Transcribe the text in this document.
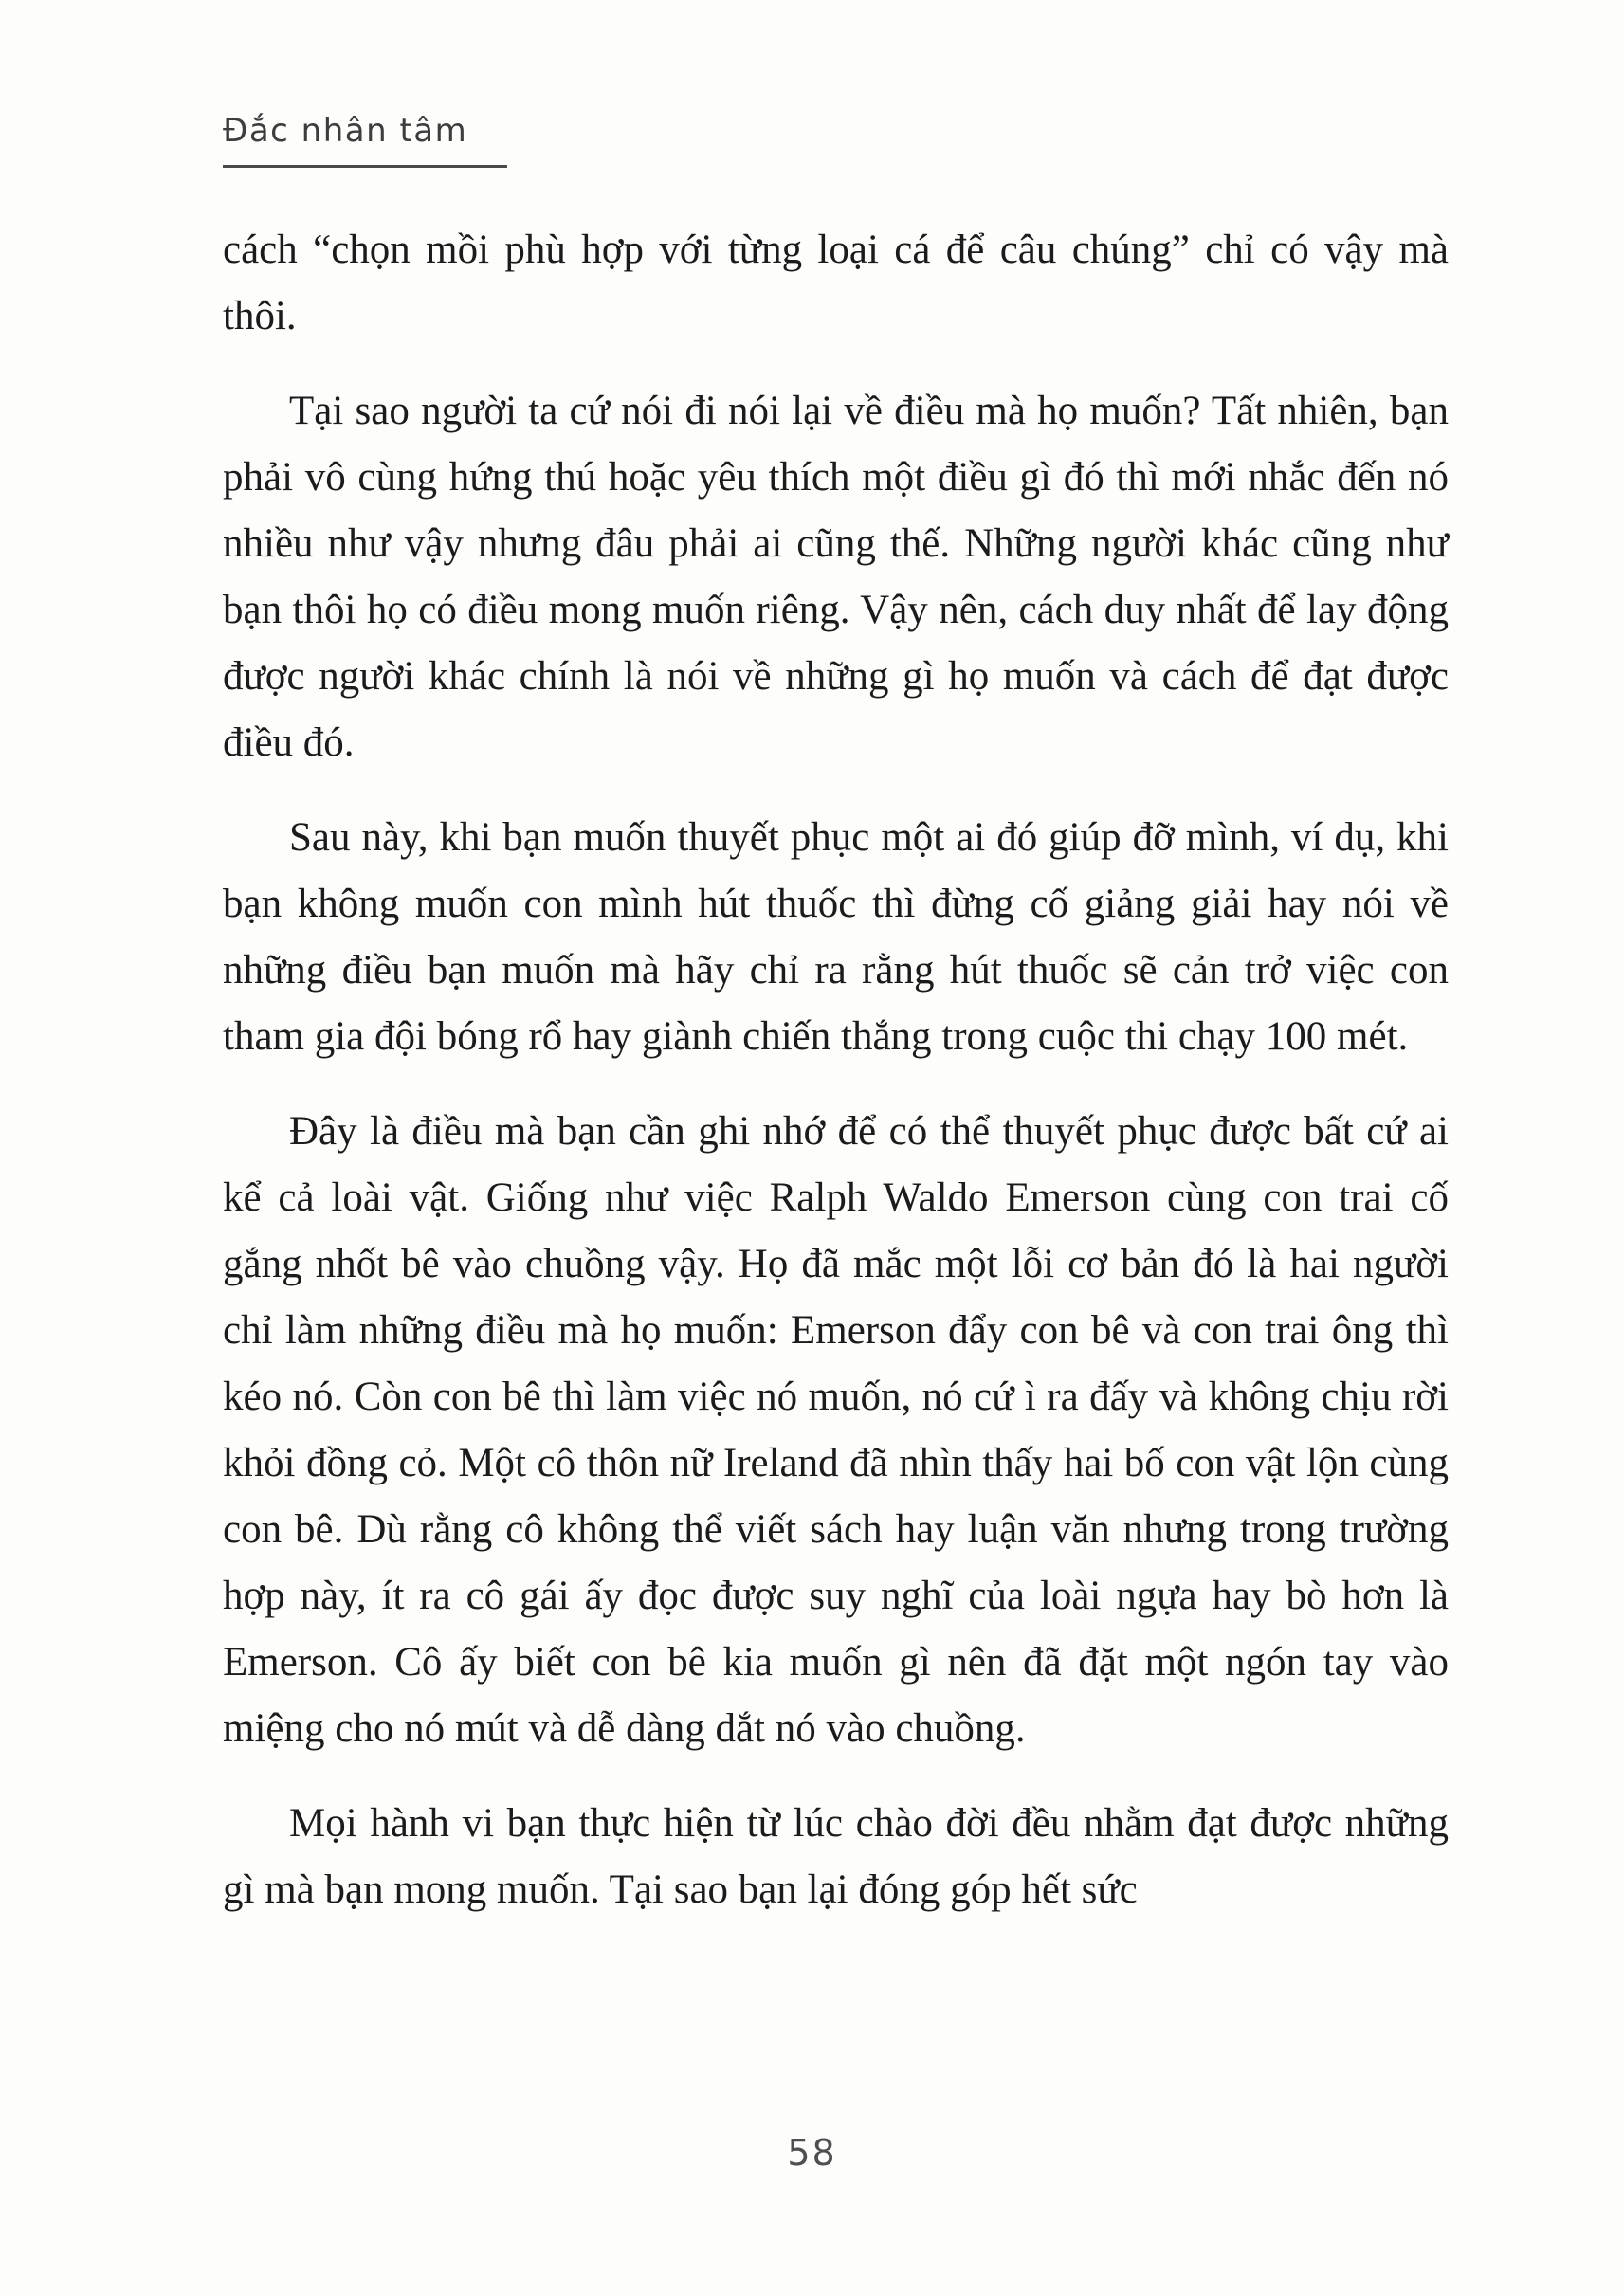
Đắc nhân tâm

cách “chọn mồi phù hợp với từng loại cá để câu chúng” chỉ có vậy mà thôi.

Tại sao người ta cứ nói đi nói lại về điều mà họ muốn? Tất nhiên, bạn phải vô cùng hứng thú hoặc yêu thích một điều gì đó thì mới nhắc đến nó nhiều như vậy nhưng đâu phải ai cũng thế. Những người khác cũng như bạn thôi họ có điều mong muốn riêng. Vậy nên, cách duy nhất để lay động được người khác chính là nói về những gì họ muốn và cách để đạt được điều đó.

Sau này, khi bạn muốn thuyết phục một ai đó giúp đỡ mình, ví dụ, khi bạn không muốn con mình hút thuốc thì đừng cố giảng giải hay nói về những điều bạn muốn mà hãy chỉ ra rằng hút thuốc sẽ cản trở việc con tham gia đội bóng rổ hay giành chiến thắng trong cuộc thi chạy 100 mét.

Đây là điều mà bạn cần ghi nhớ để có thể thuyết phục được bất cứ ai kể cả loài vật. Giống như việc Ralph Waldo Emerson cùng con trai cố gắng nhốt bê vào chuồng vậy. Họ đã mắc một lỗi cơ bản đó là hai người chỉ làm những điều mà họ muốn: Emerson đẩy con bê và con trai ông thì kéo nó. Còn con bê thì làm việc nó muốn, nó cứ ì ra đấy và không chịu rời khỏi đồng cỏ. Một cô thôn nữ Ireland đã nhìn thấy hai bố con vật lộn cùng con bê. Dù rằng cô không thể viết sách hay luận văn nhưng trong trường hợp này, ít ra cô gái ấy đọc được suy nghĩ của loài ngựa hay bò hơn là Emerson. Cô ấy biết con bê kia muốn gì nên đã đặt một ngón tay vào miệng cho nó mút và dễ dàng dắt nó vào chuồng.

Mọi hành vi bạn thực hiện từ lúc chào đời đều nhằm đạt được những gì mà bạn mong muốn. Tại sao bạn lại đóng góp hết sức

58
